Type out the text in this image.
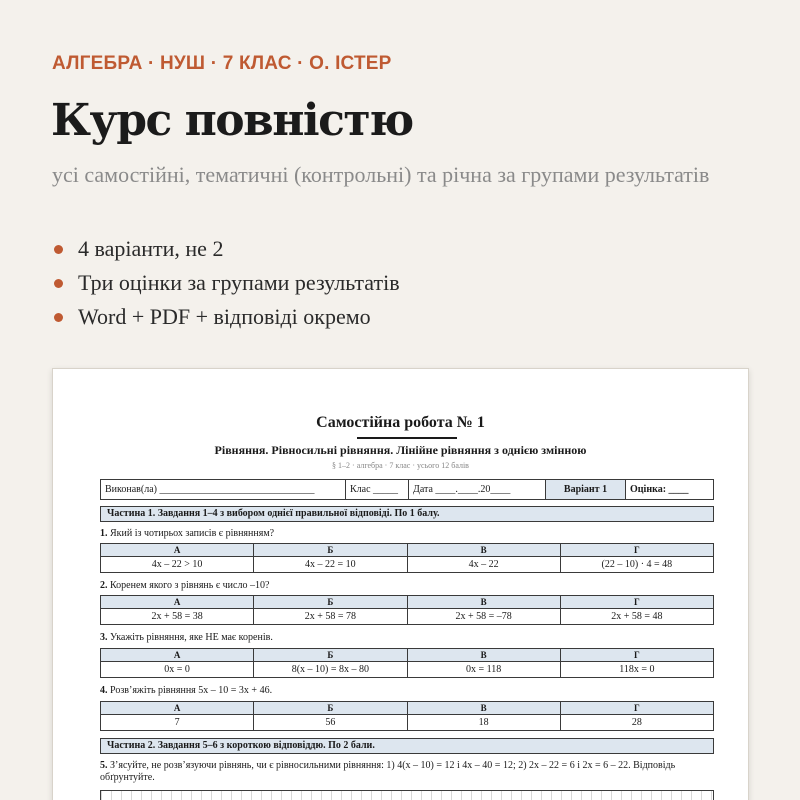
АЛГЕБРА · НУШ · 7 КЛАС · О. ІСТЕР
Курс повністю

усі самостійні, тематичні (контрольні) та річна за групами результатів

4 варіанти, не 2
Три оцінки за групами результатів
Word + PDF + відповіді окремо
Самостійна робота № 1
Рівняння. Рівносильні рівняння. Лінійне рівняння з однією змінною
§ 1–2 · алгебра · 7 клас · усього 12 балів
Виконав(ла) _______________________________	Клас _____	Дата ____.____.20____	Варіант 1	Оцінка: ____
Частина 1. Завдання 1–4 з вибором однієї правильної відповіді. По 1 балу.
1. Який із чотирьох записів є рівнянням?
А	Б	В	Г
4x – 22 > 10	4x – 22 = 10	4x – 22	(22 – 10) · 4 = 48
2. Коренем якого з рівнянь є число –10?
А	Б	В	Г
2x + 58 = 38	2x + 58 = 78	2x + 58 = –78	2x + 58 = 48
3. Укажіть рівняння, яке НЕ має коренів.
А	Б	В	Г
0x = 0	8(x – 10) = 8x – 80	0x = 118	118x = 0
4. Розв’яжіть рівняння 5x – 10 = 3x + 46.
А	Б	В	Г
7	56	18	28
Частина 2. Завдання 5–6 з короткою відповіддю. По 2 бали.
5. З’ясуйте, не розв’язуючи рівнянь, чи є рівносильними рівняння: 1) 4(x – 10) = 12 і 4x – 40 = 12; 2) 2x – 22 = 6 і 2x = 6 – 22. Відповідь обґрунтуйте.
